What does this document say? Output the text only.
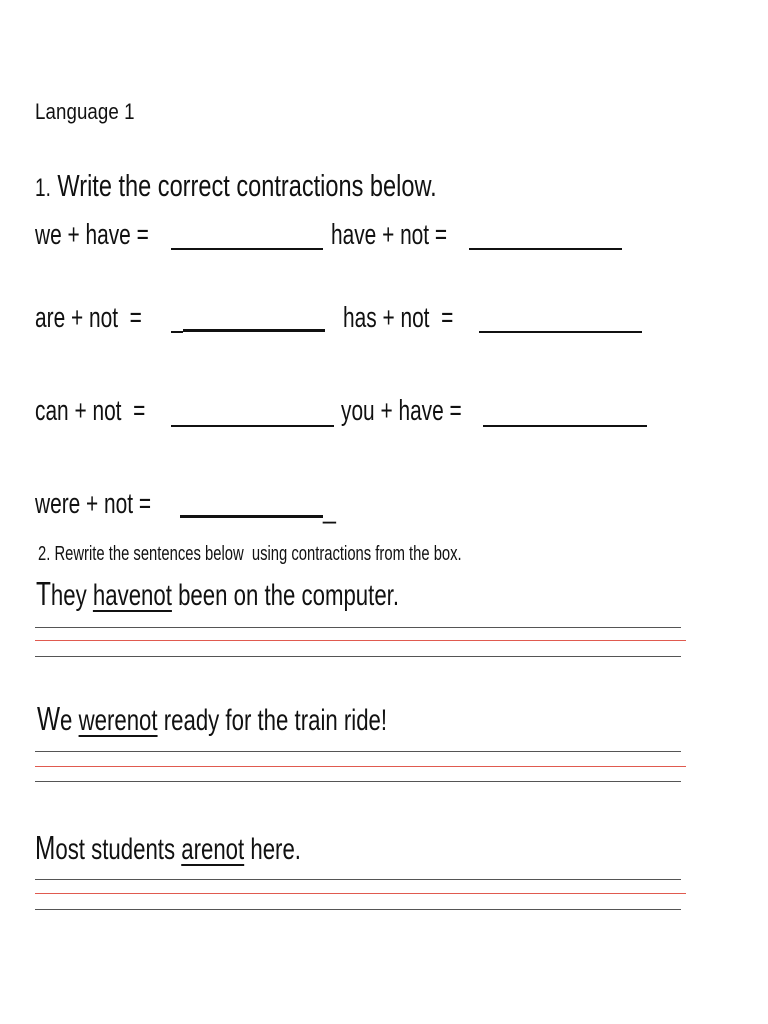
Language 1
1. Write the correct contractions below.
we + have =	have + not =
are + not  =	has + not  =
can + not  =	you + have =
were + not =	_
2. Rewrite the sentences below  using contractions from the box.
They havenot been on the computer.
We werenot ready for the train ride!
Most students arenot here.
